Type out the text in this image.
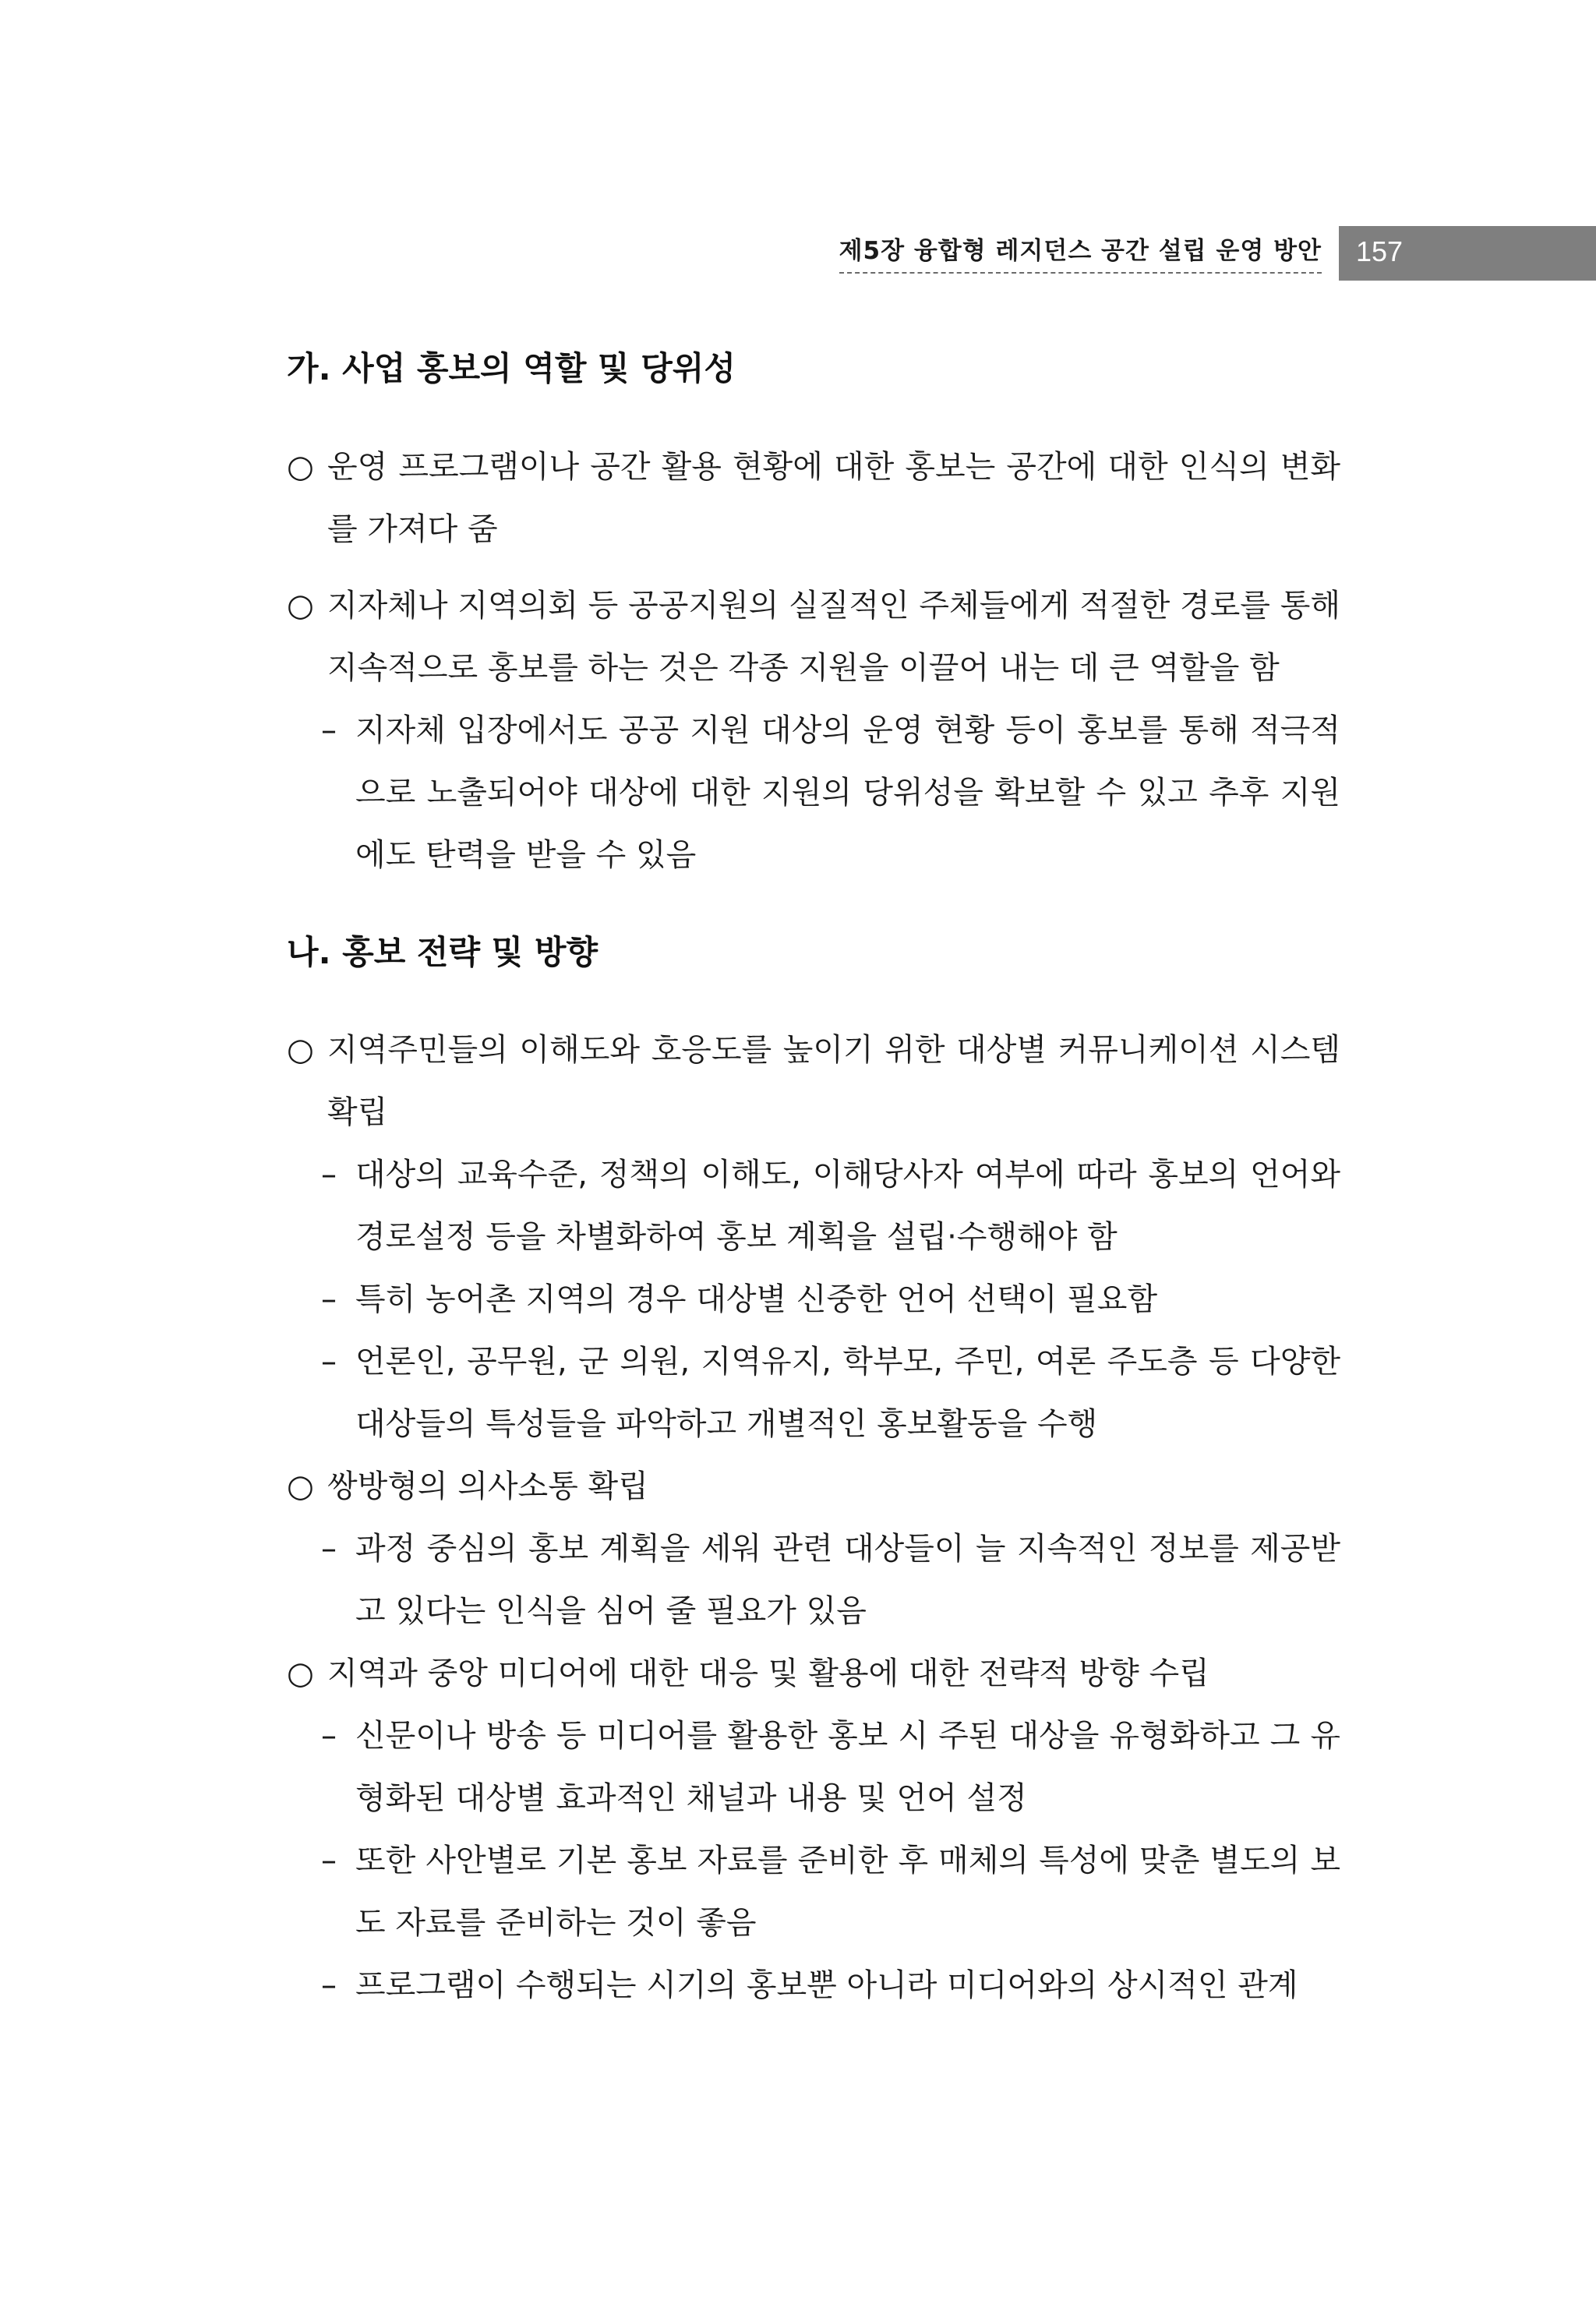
제5장 융합형 레지던스 공간 설립 운영 방안 157
가. 사업 홍보의 역할 및 당위성
○ 운영 프로그램이나 공간 활용 현황에 대한 홍보는 공간에 대한 인식의 변화를 가져다 줌
○ 지자체나 지역의회 등 공공지원의 실질적인 주체들에게 적절한 경로를 통해 지속적으로 홍보를 하는 것은 각종 지원을 이끌어 내는 데 큰 역할을 함
– 지자체 입장에서도 공공 지원 대상의 운영 현황 등이 홍보를 통해 적극적으로 노출되어야 대상에 대한 지원의 당위성을 확보할 수 있고 추후 지원에도 탄력을 받을 수 있음
나. 홍보 전략 및 방향
○ 지역주민들의 이해도와 호응도를 높이기 위한 대상별 커뮤니케이션 시스템 확립
– 대상의 교육수준, 정책의 이해도, 이해당사자 여부에 따라 홍보의 언어와 경로설정 등을 차별화하여 홍보 계획을 설립·수행해야 함
– 특히 농어촌 지역의 경우 대상별 신중한 언어 선택이 필요함
– 언론인, 공무원, 군 의원, 지역유지, 학부모, 주민, 여론 주도층 등 다양한 대상들의 특성들을 파악하고 개별적인 홍보활동을 수행
○ 쌍방형의 의사소통 확립
– 과정 중심의 홍보 계획을 세워 관련 대상들이 늘 지속적인 정보를 제공받고 있다는 인식을 심어 줄 필요가 있음
○ 지역과 중앙 미디어에 대한 대응 및 활용에 대한 전략적 방향 수립
– 신문이나 방송 등 미디어를 활용한 홍보 시 주된 대상을 유형화하고 그 유형화된 대상별 효과적인 채널과 내용 및 언어 설정
– 또한 사안별로 기본 홍보 자료를 준비한 후 매체의 특성에 맞춘 별도의 보도 자료를 준비하는 것이 좋음
– 프로그램이 수행되는 시기의 홍보뿐 아니라 미디어와의 상시적인 관계
